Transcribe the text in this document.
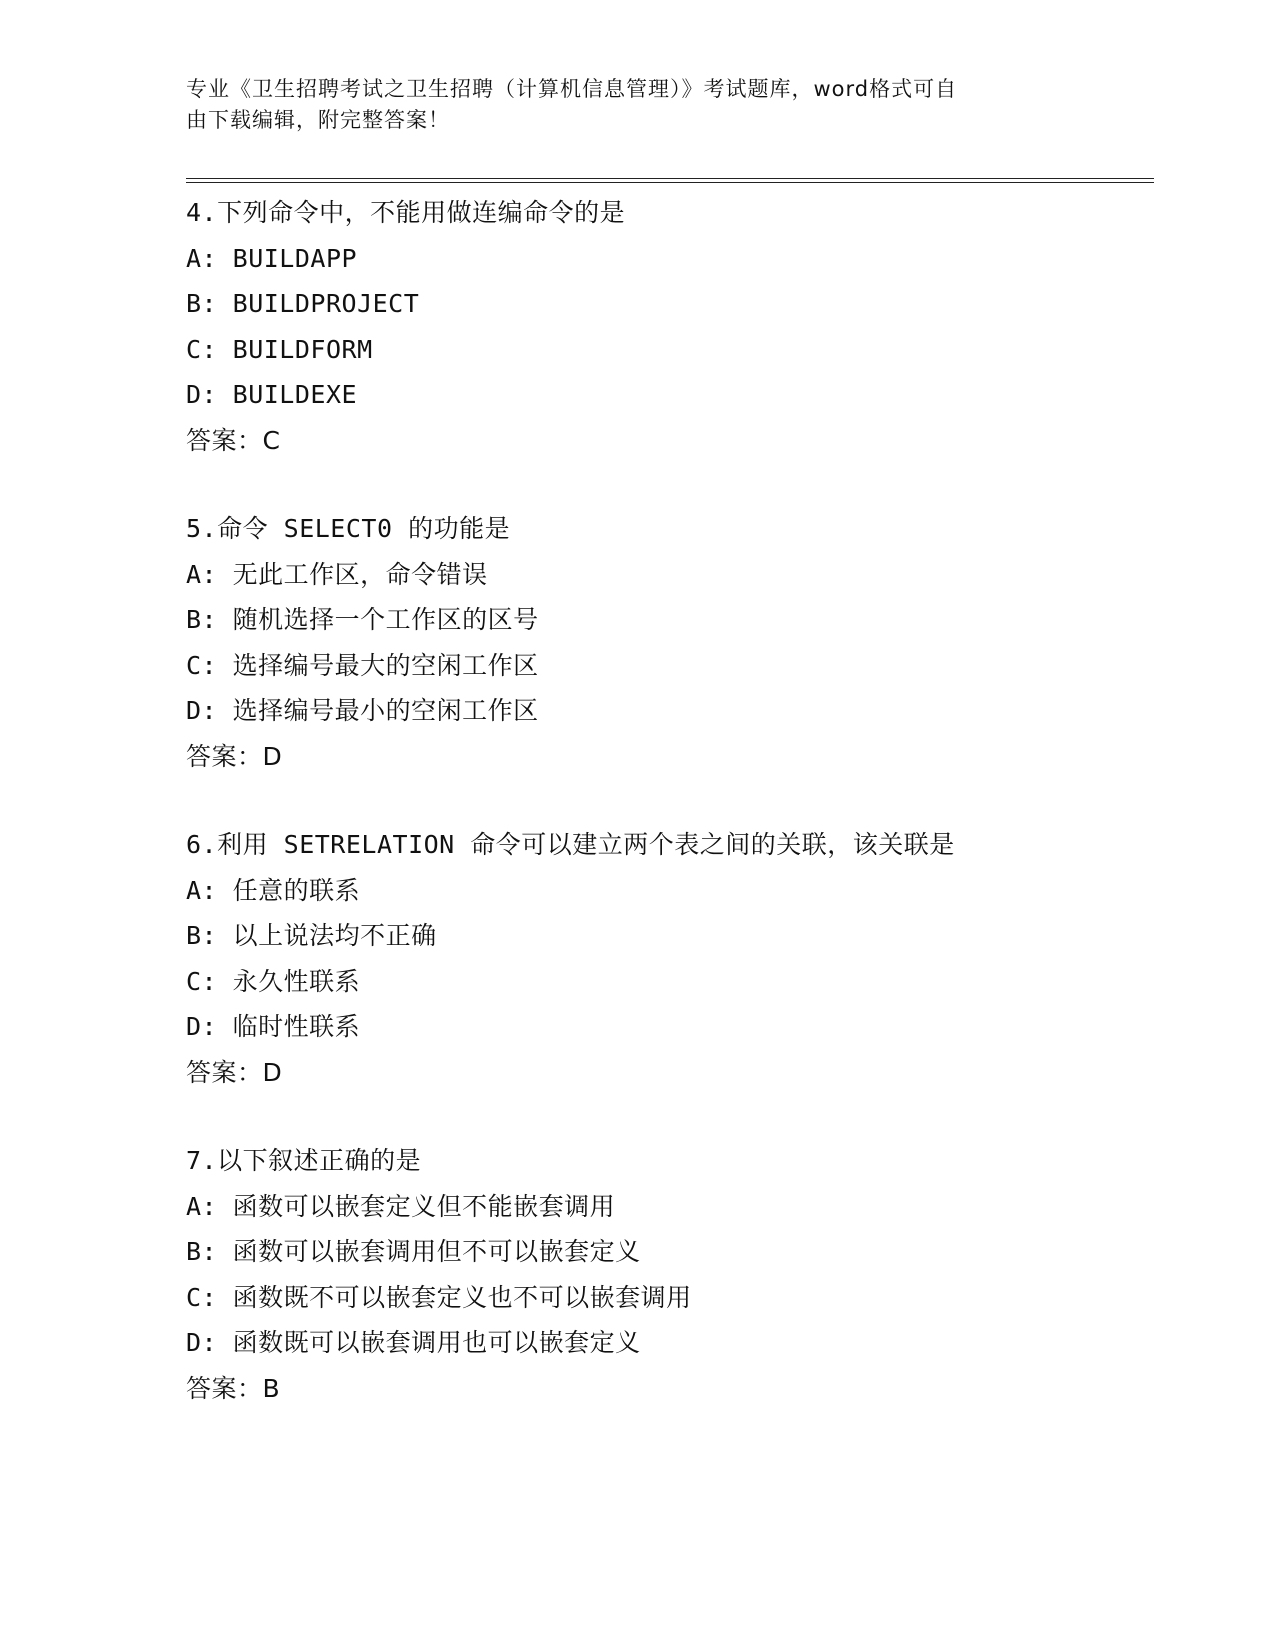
专业《卫生招聘考试之卫生招聘（计算机信息管理）》考试题库，word格式可自
由下载编辑，附完整答案！
4.下列命令中，不能用做连编命令的是
A: BUILDAPP
B: BUILDPROJECT
C: BUILDFORM
D: BUILDEXE
答案：C
5.命令 SELECT0 的功能是
A: 无此工作区，命令错误
B: 随机选择一个工作区的区号
C: 选择编号最大的空闲工作区
D: 选择编号最小的空闲工作区
答案：D
6.利用 SETRELATION 命令可以建立两个表之间的关联，该关联是
A: 任意的联系
B: 以上说法均不正确
C: 永久性联系
D: 临时性联系
答案：D
7.以下叙述正确的是
A: 函数可以嵌套定义但不能嵌套调用
B: 函数可以嵌套调用但不可以嵌套定义
C: 函数既不可以嵌套定义也不可以嵌套调用
D: 函数既可以嵌套调用也可以嵌套定义
答案：B
